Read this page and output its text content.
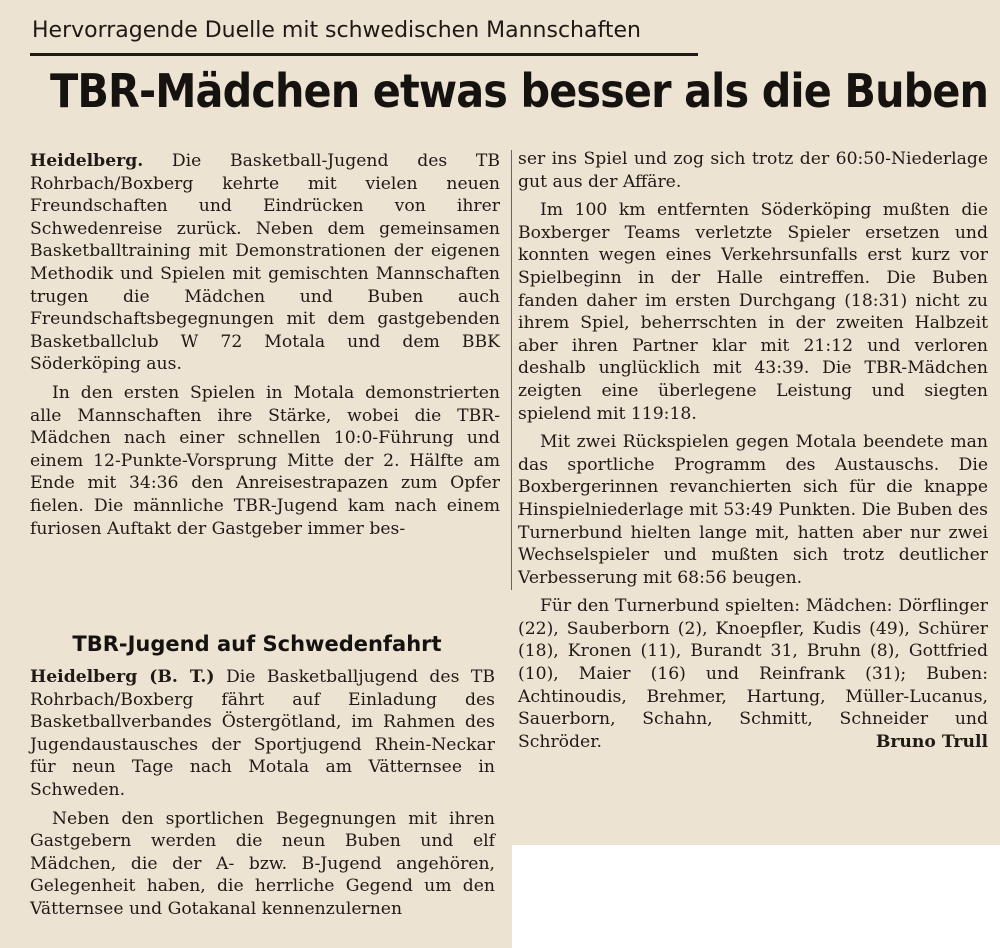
Hervorragende Duelle mit schwedischen Mannschaften
TBR-Mädchen etwas besser als die Buben

Heidelberg. Die Basketball-Jugend des TB Rohrbach/Boxberg kehrte mit vielen neuen Freundschaften und Eindrücken von ihrer Schwedenreise zurück. Neben dem gemeinsamen Basketballtraining mit Demonstrationen der eigenen Methodik und Spielen mit gemischten Mannschaften trugen die Mädchen und Buben auch Freundschaftsbegegnungen mit dem gastgebenden Basketballclub W 72 Motala und dem BBK Söderköping aus.

In den ersten Spielen in Motala demonstrierten alle Mannschaften ihre Stärke, wobei die TBR-Mädchen nach einer schnellen 10:0-Führung und einem 12-Punkte-Vorsprung Mitte der 2. Hälfte am Ende mit 34:36 den Anreisestrapazen zum Opfer fielen. Die männliche TBR-Jugend kam nach einem furiosen Auftakt der Gastgeber immer bes-

ser ins Spiel und zog sich trotz der 60:50-Niederlage gut aus der Affäre.

Im 100 km entfernten Söderköping mußten die Boxberger Teams verletzte Spieler ersetzen und konnten wegen eines Verkehrsunfalls erst kurz vor Spielbeginn in der Halle eintreffen. Die Buben fanden daher im ersten Durchgang (18:31) nicht zu ihrem Spiel, beherrschten in der zweiten Halbzeit aber ihren Partner klar mit 21:12 und verloren deshalb unglücklich mit 43:39. Die TBR-Mädchen zeigten eine überlegene Leistung und siegten spielend mit 119:18.

Mit zwei Rückspielen gegen Motala beendete man das sportliche Programm des Austauschs. Die Boxbergerinnen revanchierten sich für die knappe Hinspielniederlage mit 53:49 Punkten. Die Buben des Turnerbund hielten lange mit, hatten aber nur zwei Wechselspieler und mußten sich trotz deutlicher Verbesserung mit 68:56 beugen.

Für den Turnerbund spielten: Mädchen: Dörflinger (22), Sauberborn (2), Knoepfler, Kudis (49), Schürer (18), Kronen (11), Burandt 31, Bruhn (8), Gottfried (10), Maier (16) und Reinfrank (31); Buben: Achtinoudis, Brehmer, Hartung, Müller-Lucanus, Sauerborn, Schahn, Schmitt, Schneider und Schröder.	Bruno Trull
TBR-Jugend auf Schwedenfahrt

Heidelberg (B. T.) Die Basketballjugend des TB Rohrbach/Boxberg fährt auf Einladung des Basketballverbandes Östergötland, im Rahmen des Jugendaustausches der Sportjugend Rhein-Neckar für neun Tage nach Motala am Vätternsee in Schweden.

Neben den sportlichen Begegnungen mit ihren Gastgebern werden die neun Buben und elf Mädchen, die der A- bzw. B-Jugend angehören, Gelegenheit haben, die herrliche Gegend um den Vätternsee und Gotakanal kennenzulernen
